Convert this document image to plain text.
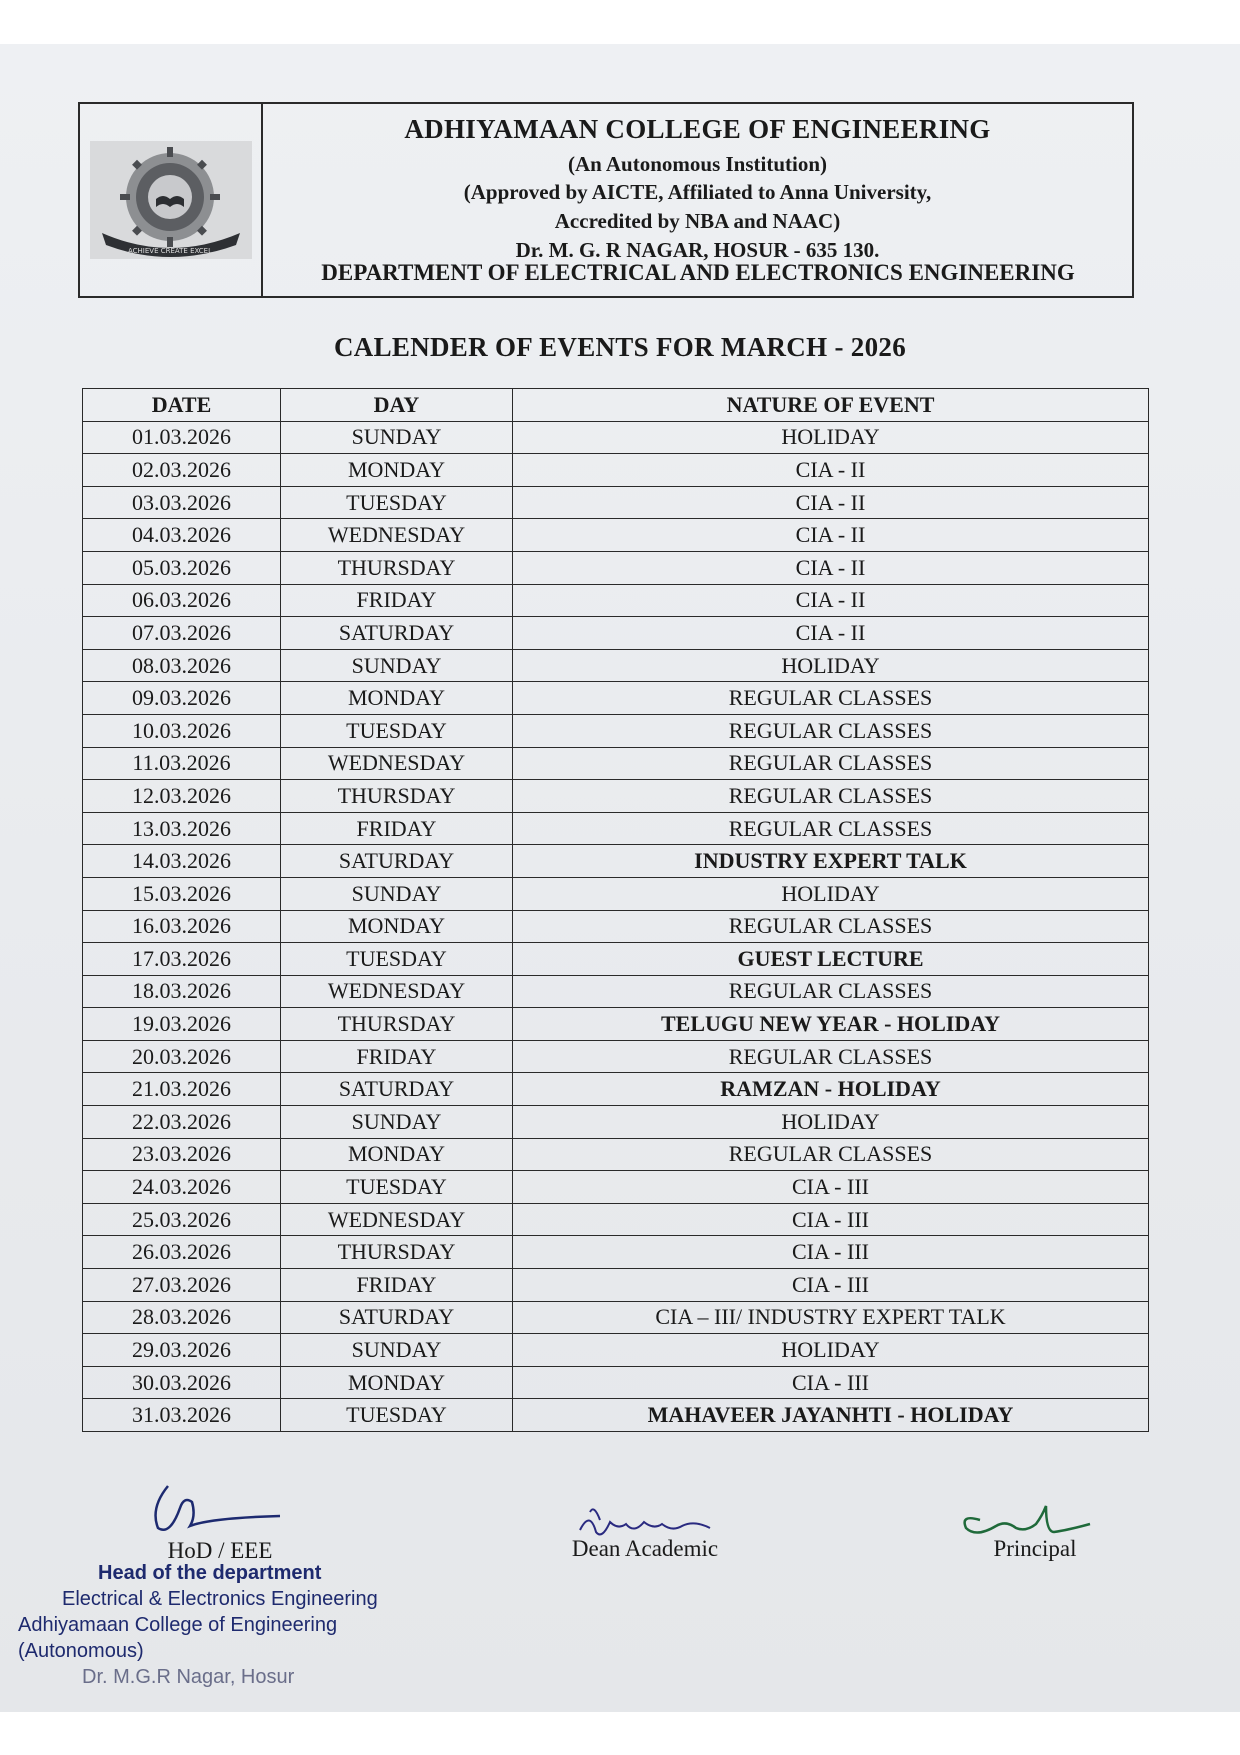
ACHIEVE CREATE EXCEL
ADHIYAMAAN COLLEGE OF ENGINEERING
(An Autonomous Institution)
(Approved by AICTE, Affiliated to Anna University,
Accredited by NBA and NAAC)
Dr. M. G. R NAGAR, HOSUR - 635 130.
DEPARTMENT OF ELECTRICAL AND ELECTRONICS ENGINEERING
CALENDER OF EVENTS FOR MARCH - 2026
DATE	DAY	NATURE OF EVENT
01.03.2026	SUNDAY	HOLIDAY
02.03.2026	MONDAY	CIA - II
03.03.2026	TUESDAY	CIA - II
04.03.2026	WEDNESDAY	CIA - II
05.03.2026	THURSDAY	CIA - II
06.03.2026	FRIDAY	CIA - II
07.03.2026	SATURDAY	CIA - II
08.03.2026	SUNDAY	HOLIDAY
09.03.2026	MONDAY	REGULAR CLASSES
10.03.2026	TUESDAY	REGULAR CLASSES
11.03.2026	WEDNESDAY	REGULAR CLASSES
12.03.2026	THURSDAY	REGULAR CLASSES
13.03.2026	FRIDAY	REGULAR CLASSES
14.03.2026	SATURDAY	INDUSTRY EXPERT TALK
15.03.2026	SUNDAY	HOLIDAY
16.03.2026	MONDAY	REGULAR CLASSES
17.03.2026	TUESDAY	GUEST LECTURE
18.03.2026	WEDNESDAY	REGULAR CLASSES
19.03.2026	THURSDAY	TELUGU NEW YEAR - HOLIDAY
20.03.2026	FRIDAY	REGULAR CLASSES
21.03.2026	SATURDAY	RAMZAN - HOLIDAY
22.03.2026	SUNDAY	HOLIDAY
23.03.2026	MONDAY	REGULAR CLASSES
24.03.2026	TUESDAY	CIA - III
25.03.2026	WEDNESDAY	CIA - III
26.03.2026	THURSDAY	CIA - III
27.03.2026	FRIDAY	CIA - III
28.03.2026	SATURDAY	CIA – III/ INDUSTRY EXPERT TALK
29.03.2026	SUNDAY	HOLIDAY
30.03.2026	MONDAY	CIA - III
31.03.2026	TUESDAY	MAHAVEER JAYANHTI - HOLIDAY
HoD / EEE	Dean Academic	Principal
Head of the department
Electrical & Electronics Engineering
Adhiyamaan College of Engineering (Autonomous)
Dr. M.G.R Nagar, Hosur
